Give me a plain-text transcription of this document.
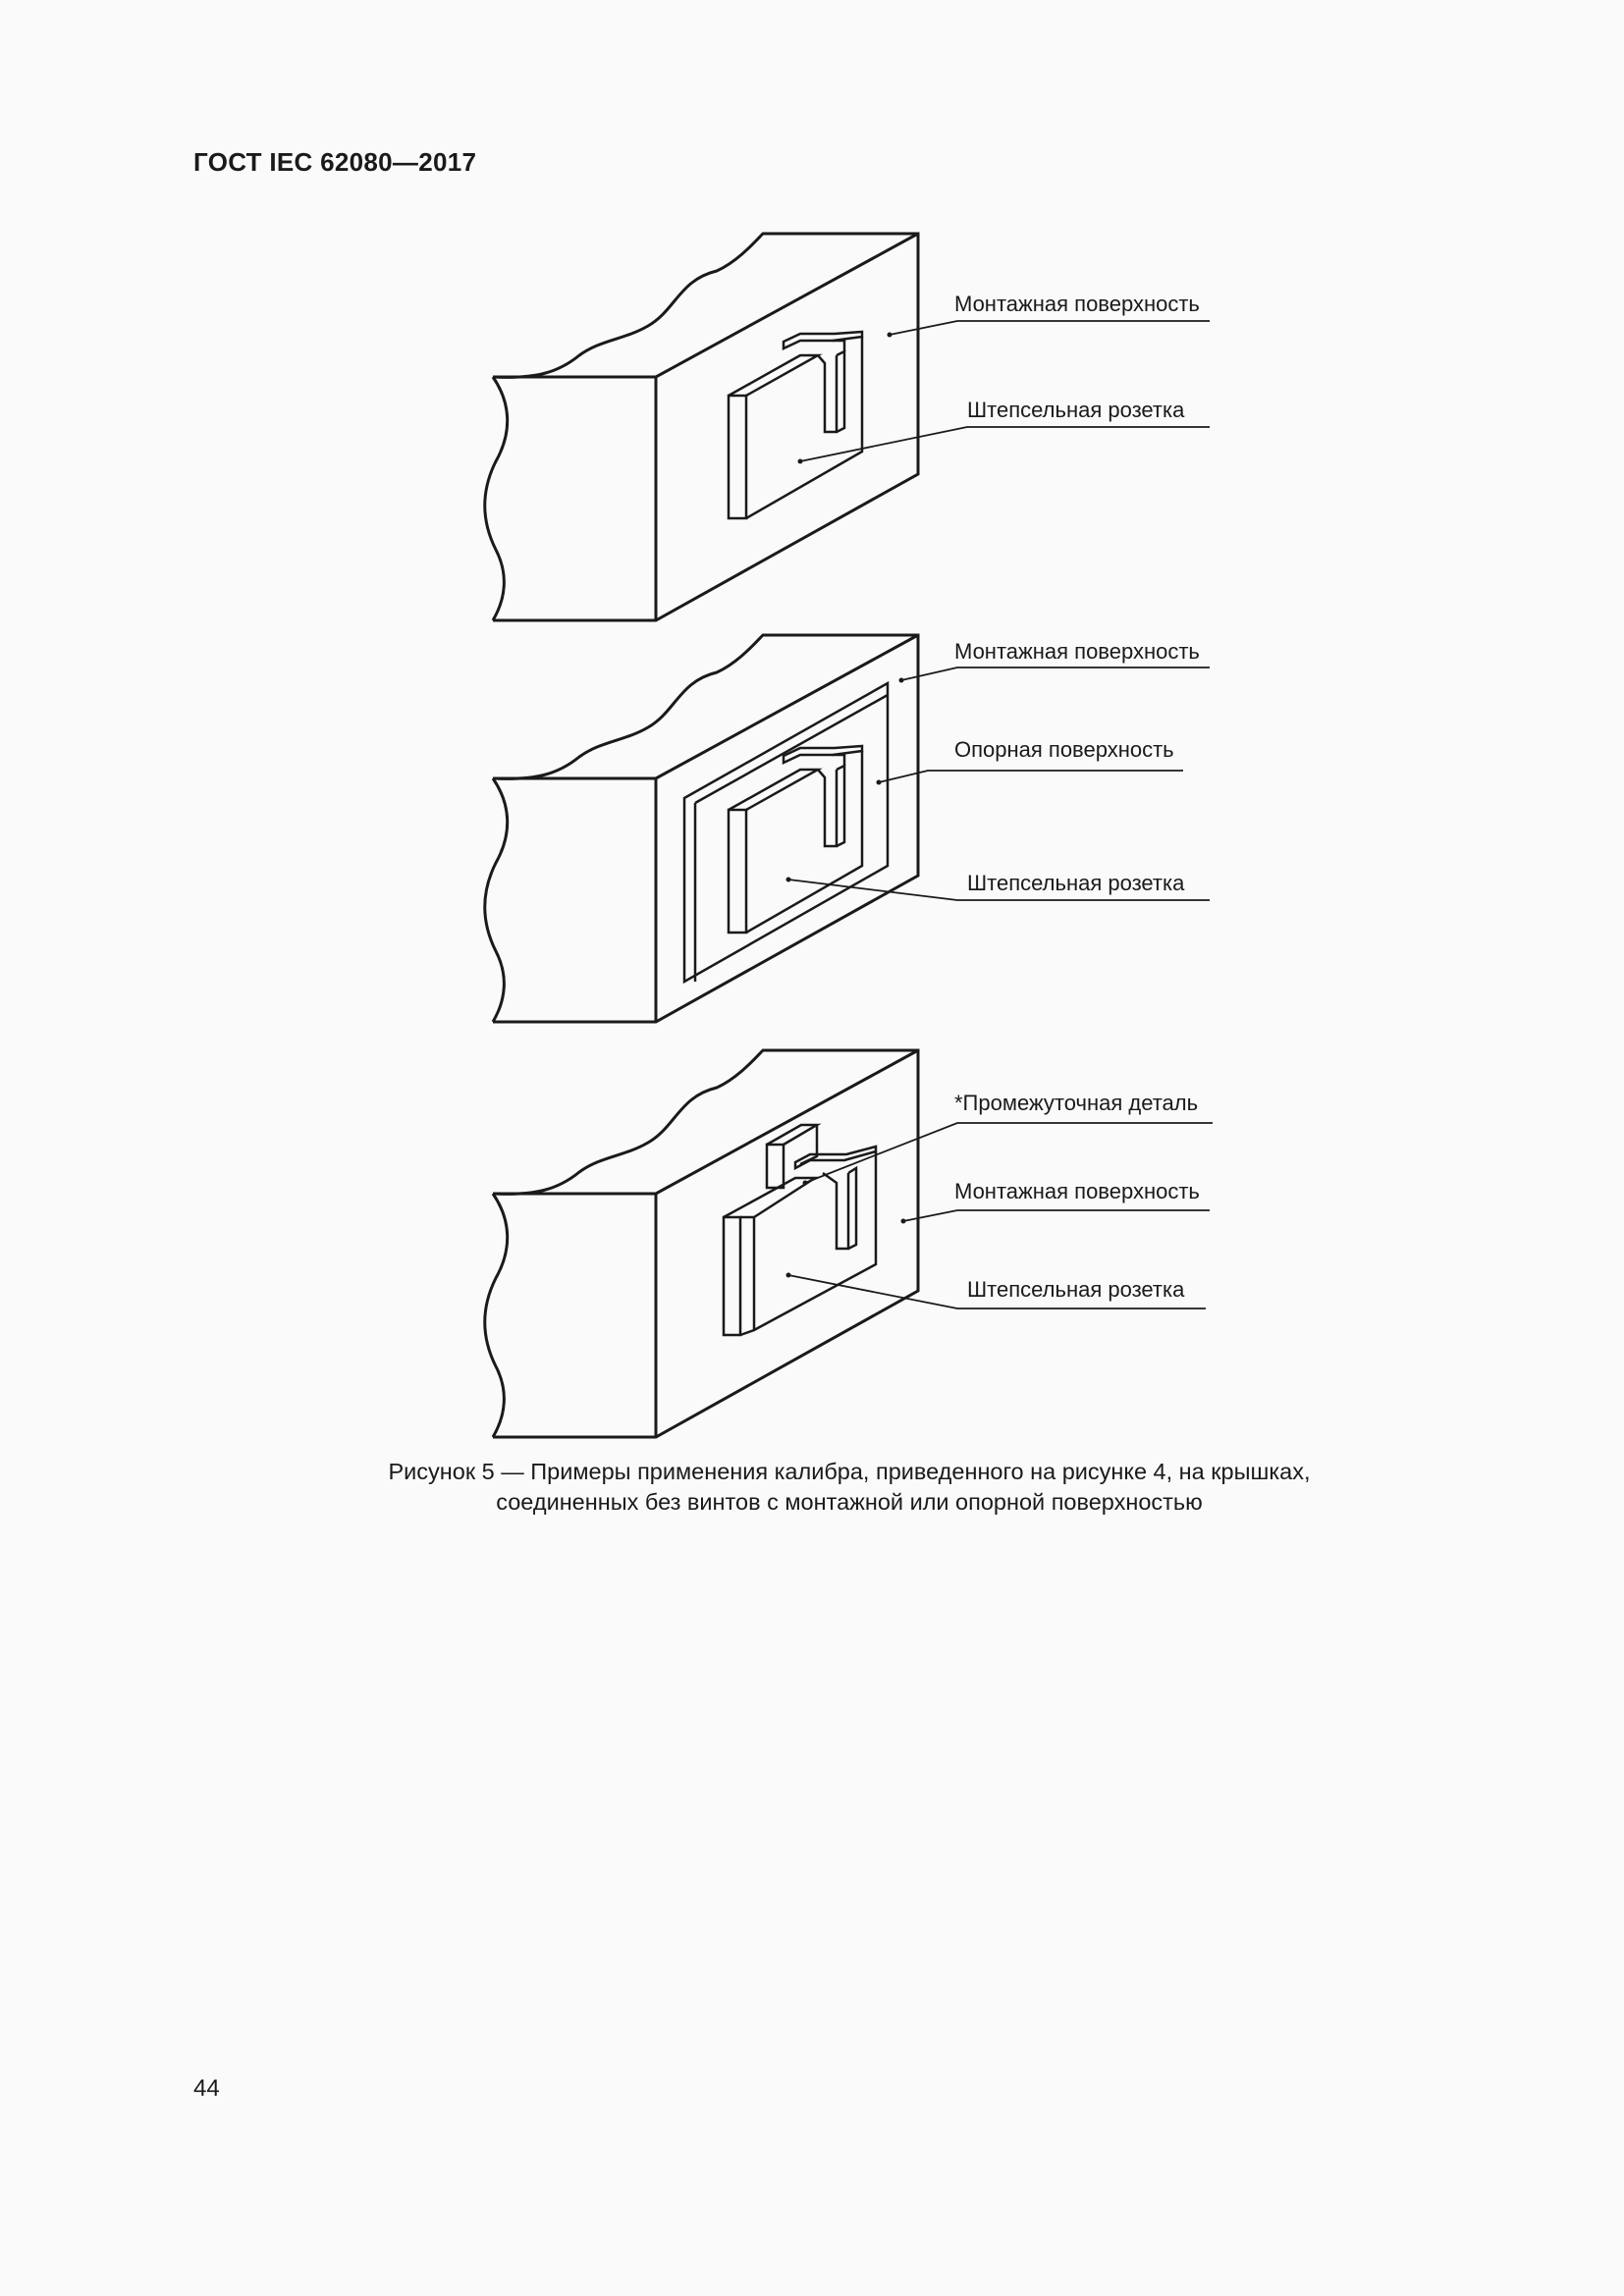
ГОСТ IEC 62080—2017
Монтажная поверхность
Штепсельная розетка
Монтажная поверхность
Опорная поверхность
Штепсельная розетка
*Промежуточная деталь
Монтажная поверхность
Штепсельная розетка
Рисунок 5 — Примеры применения калибра, приведенного на рисунке 4, на крышках,
соединенных без винтов с монтажной или опорной поверхностью
44
